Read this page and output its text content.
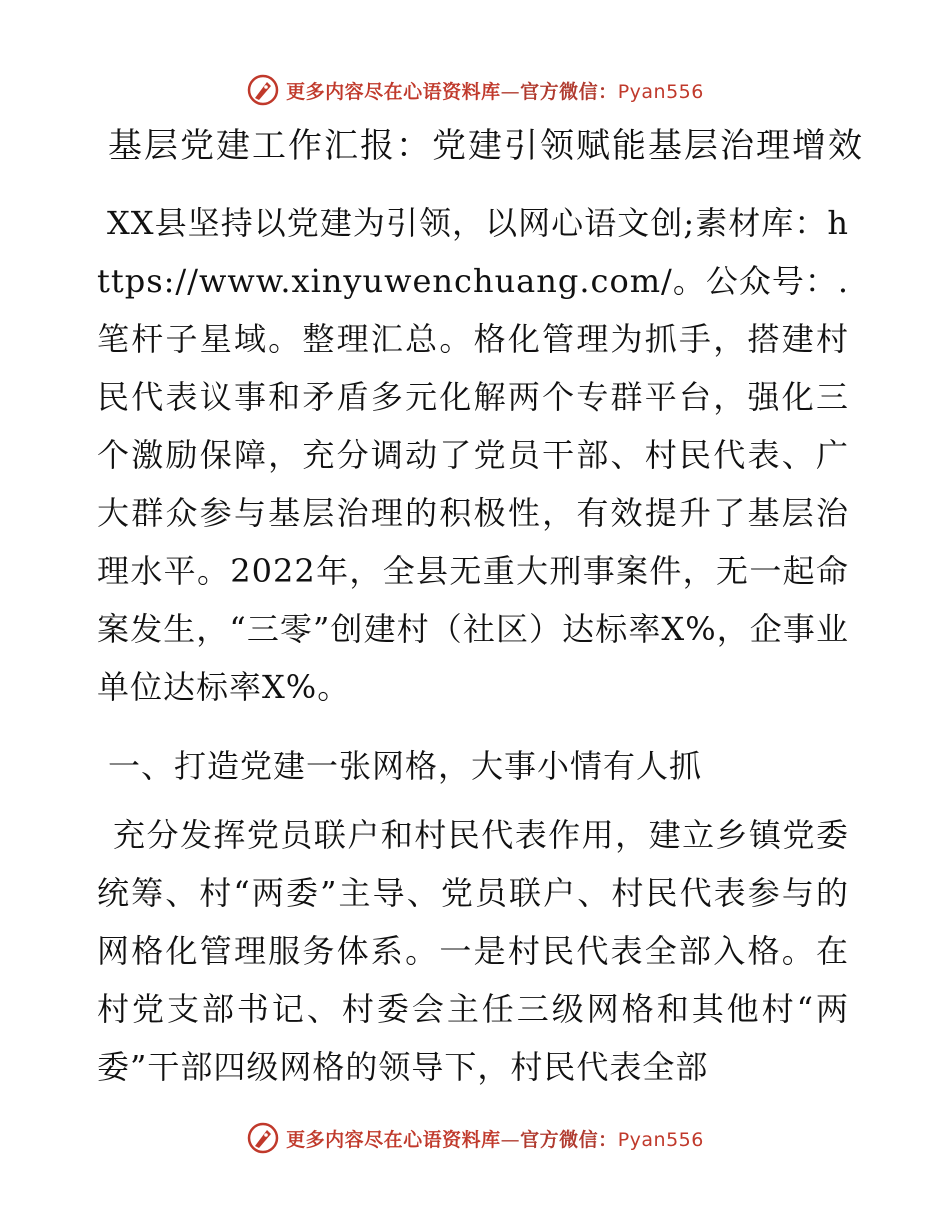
更多内容尽在心语资料库—官方微信：Pyan556
基层党建工作汇报：党建引领赋能基层治理增效

XX县坚持以党建为引领，以网心语文创;素材库：https://www.xinyuwenchuang.com/。公众号：.笔杆子星域。整理汇总。格化管理为抓手，搭建村民代表议事和矛盾多元化解两个专群平台，强化三个激励保障，充分调动了党员干部、村民代表、广大群众参与基层治理的积极性，有效提升了基层治理水平。2022年，全县无重大刑事案件，无一起命案发生，“三零”创建村（社区）达标率X%，企事业单位达标率X%。

一、打造党建一张网格，大事小情有人抓

充分发挥党员联户和村民代表作用，建立乡镇党委统筹、村“两委”主导、党员联户、村民代表参与的网格化管理服务体系。一是村民代表全部入格。在村党支部书记、村委会主任三级网格和其他村“两委”干部四级网格的领导下，村民代表全部

更多内容尽在心语资料库—官方微信：Pyan556
